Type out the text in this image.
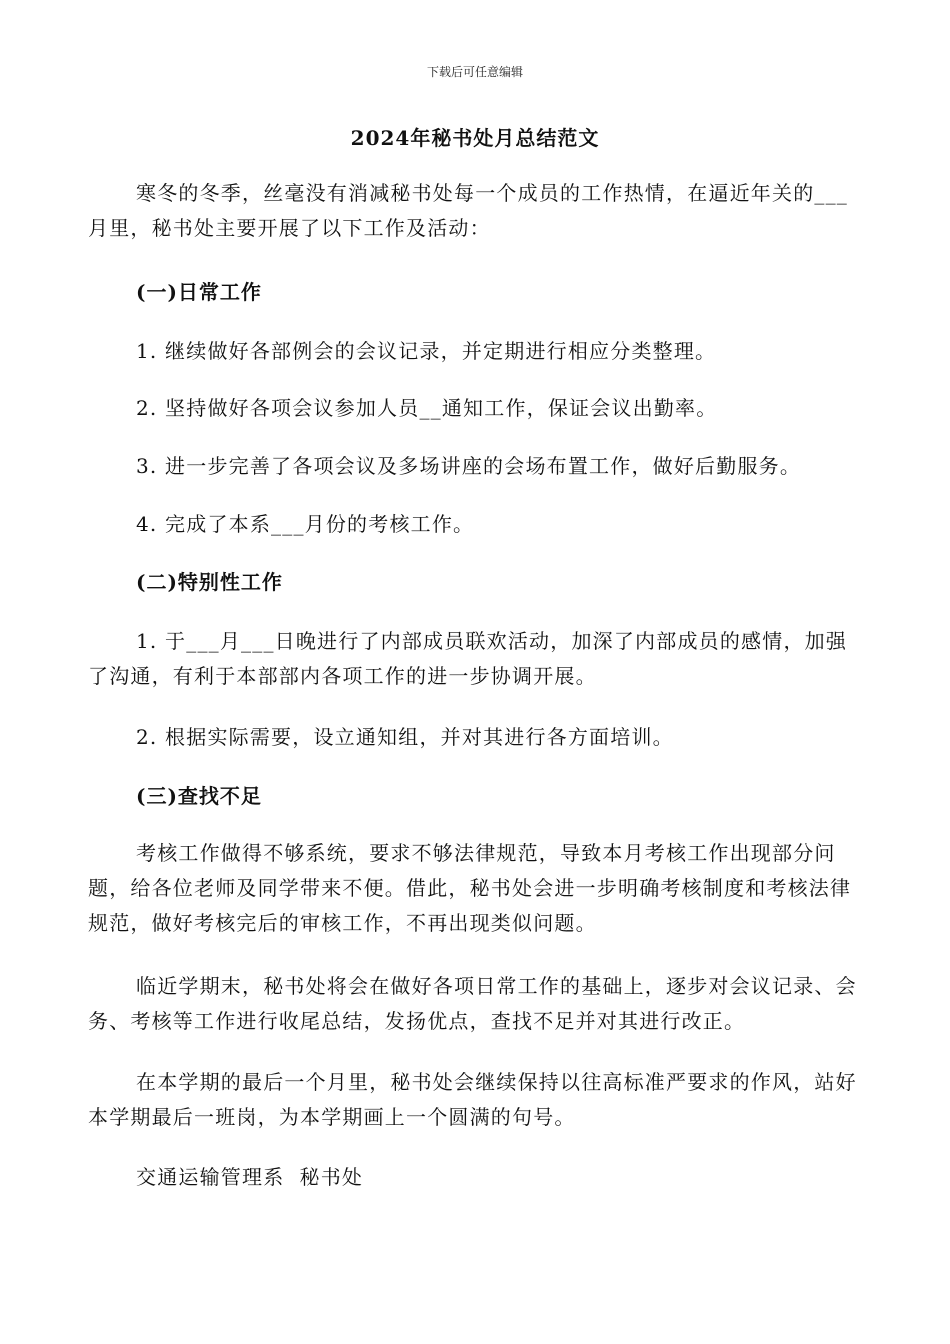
下载后可任意编辑
2024年秘书处月总结范文

寒冬的冬季，丝毫没有消减秘书处每一个成员的工作热情，在逼近年关的___月里，秘书处主要开展了以下工作及活动：

(一)日常工作

1. 继续做好各部例会的会议记录，并定期进行相应分类整理。

2. 坚持做好各项会议参加人员__通知工作，保证会议出勤率。

3. 进一步完善了各项会议及多场讲座的会场布置工作，做好后勤服务。

4. 完成了本系___月份的考核工作。

(二)特别性工作

1. 于___月___日晚进行了内部成员联欢活动，加深了内部成员的感情，加强了沟通，有利于本部部内各项工作的进一步协调开展。

2. 根据实际需要，设立通知组，并对其进行各方面培训。

(三)查找不足

考核工作做得不够系统，要求不够法律规范，导致本月考核工作出现部分问题，给各位老师及同学带来不便。借此，秘书处会进一步明确考核制度和考核法律规范，做好考核完后的审核工作，不再出现类似问题。

临近学期末，秘书处将会在做好各项日常工作的基础上，逐步对会议记录、会务、考核等工作进行收尾总结，发扬优点，查找不足并对其进行改正。

在本学期的最后一个月里，秘书处会继续保持以往高标准严要求的作风，站好本学期最后一班岗，为本学期画上一个圆满的句号。

交通运输管理系  秘书处
